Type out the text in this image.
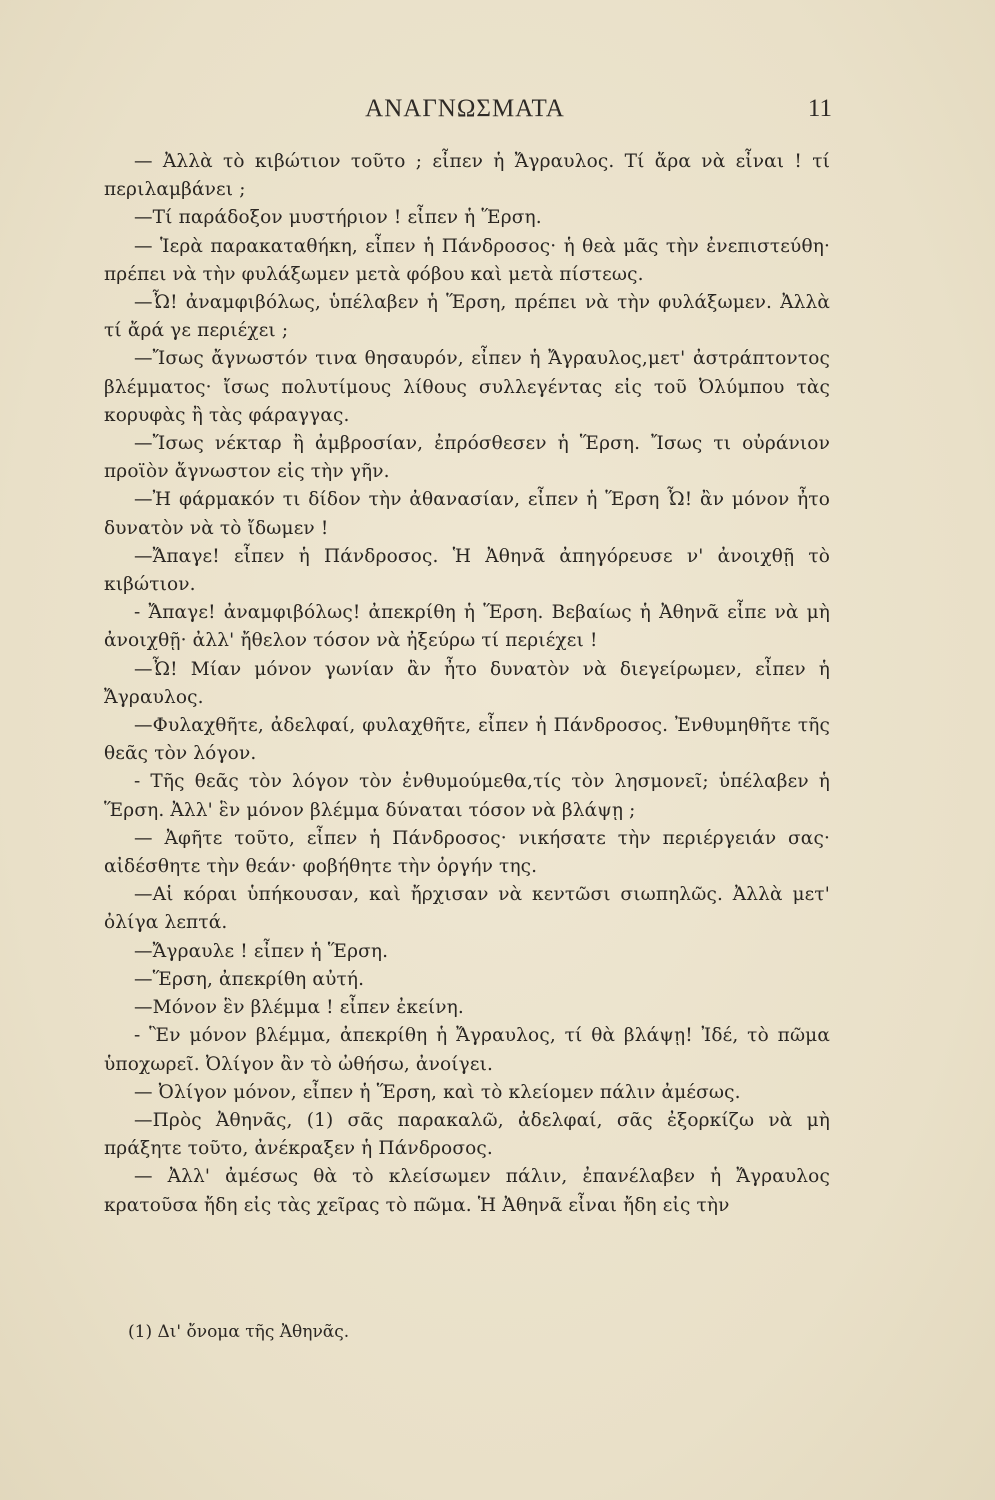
ΑΝΑΓΝΩΣΜΑΤΑ	11

— Ἀλλὰ τὸ κιβώτιον τοῦτο ; εἶπεν ἡ Ἄγραυλος. Τί ἄρα νὰ εἶναι ! τί περιλαμβάνει ;

—Τί παράδοξον μυστήριον ! εἶπεν ἡ Ἕρση.

— Ἱερὰ παρακαταθήκη, εἶπεν ἡ Πάνδροσος· ἡ θεὰ μᾶς τὴν ἐνεπιστεύθη· πρέπει νὰ τὴν φυλάξωμεν μετὰ φόβου καὶ μετὰ πίστεως.

—Ὦ! ἀναμφιβόλως, ὑπέλαβεν ἡ Ἕρση, πρέπει νὰ τὴν φυλάξωμεν. Ἀλλὰ τί ἄρά γε περιέχει ;

—Ἴσως ἄγνωστόν τινα θησαυρόν, εἶπεν ἡ Ἄγραυλος,μετ' ἀστράπτοντος βλέμματος· ἴσως πολυτίμους λίθους συλλεγέντας εἰς τοῦ Ὀλύμπου τὰς κορυφὰς ἢ τὰς φάραγγας.

—Ἴσως νέκταρ ἢ ἀμβροσίαν, ἐπρόσθεσεν ἡ Ἕρση. Ἴσως τι οὐράνιον προϊὸν ἄγνωστον εἰς τὴν γῆν.

—Ἠ φάρμακόν τι δίδον τὴν ἀθανασίαν, εἶπεν ἡ Ἕρση Ὦ! ἂν μόνον ἦτο δυνατὸν νὰ τὸ ἴδωμεν !

—Ἄπαγε! εἶπεν ἡ Πάνδροσος. Ἡ Ἀθηνᾶ ἀπηγόρευσε ν' ἀνοιχθῇ τὸ κιβώτιον.

- Ἄπαγε! ἀναμφιβόλως! ἀπεκρίθη ἡ Ἕρση. Βεβαίως ἡ Ἀθηνᾶ εἶπε νὰ μὴ ἀνοιχθῇ· ἀλλ' ἤθελον τόσον νὰ ἠξεύρω τί περιέχει !

—Ὦ! Μίαν μόνον γωνίαν ἂν ἦτο δυνατὸν νὰ διεγείρωμεν, εἶπεν ἡ Ἄγραυλος.

—Φυλαχθῆτε, ἀδελφαί, φυλαχθῆτε, εἶπεν ἡ Πάνδροσος. Ἐνθυμηθῆτε τῆς θεᾶς τὸν λόγον.

- Τῆς θεᾶς τὸν λόγον τὸν ἐνθυμούμεθα,τίς τὸν λησμονεῖ; ὑπέλαβεν ἡ Ἕρση. Ἀλλ' ἓν μόνον βλέμμα δύναται τόσον νὰ βλάψῃ ;

— Ἀφῆτε τοῦτο, εἶπεν ἡ Πάνδροσος· νικήσατε τὴν περιέργειάν σας· αἰδέσθητε τὴν θεάν· φοβήθητε τὴν ὀργήν της.

—Αἱ κόραι ὑπήκουσαν, καὶ ἤρχισαν νὰ κεντῶσι σιωπηλῶς. Ἀλλὰ μετ' ὀλίγα λεπτά.

—Ἄγραυλε ! εἶπεν ἡ Ἕρση.

—Ἕρση, ἀπεκρίθη αὐτή.

—Μόνον ἓν βλέμμα ! εἶπεν ἐκείνη.

- Ἓν μόνον βλέμμα, ἀπεκρίθη ἡ Ἄγραυλος, τί θὰ βλάψῃ! Ἰδέ, τὸ πῶμα ὑποχωρεῖ. Ὀλίγον ἂν τὸ ὠθήσω, ἀνοίγει.

— Ὀλίγον μόνον, εἶπεν ἡ Ἕρση, καὶ τὸ κλείομεν πάλιν ἀμέσως.

—Πρὸς Ἀθηνᾶς, (1) σᾶς παρακαλῶ, ἀδελφαί, σᾶς ἐξορκίζω νὰ μὴ πράξητε τοῦτο, ἀνέκραξεν ἡ Πάνδροσος.

— Ἀλλ' ἀμέσως θὰ τὸ κλείσωμεν πάλιν, ἐπανέλαβεν ἡ Ἄγραυλος κρατοῦσα ἤδη εἰς τὰς χεῖρας τὸ πῶμα. Ἡ Ἀθηνᾶ εἶναι ἤδη εἰς τὴν

(1) Δι' ὄνομα τῆς Ἀθηνᾶς.
